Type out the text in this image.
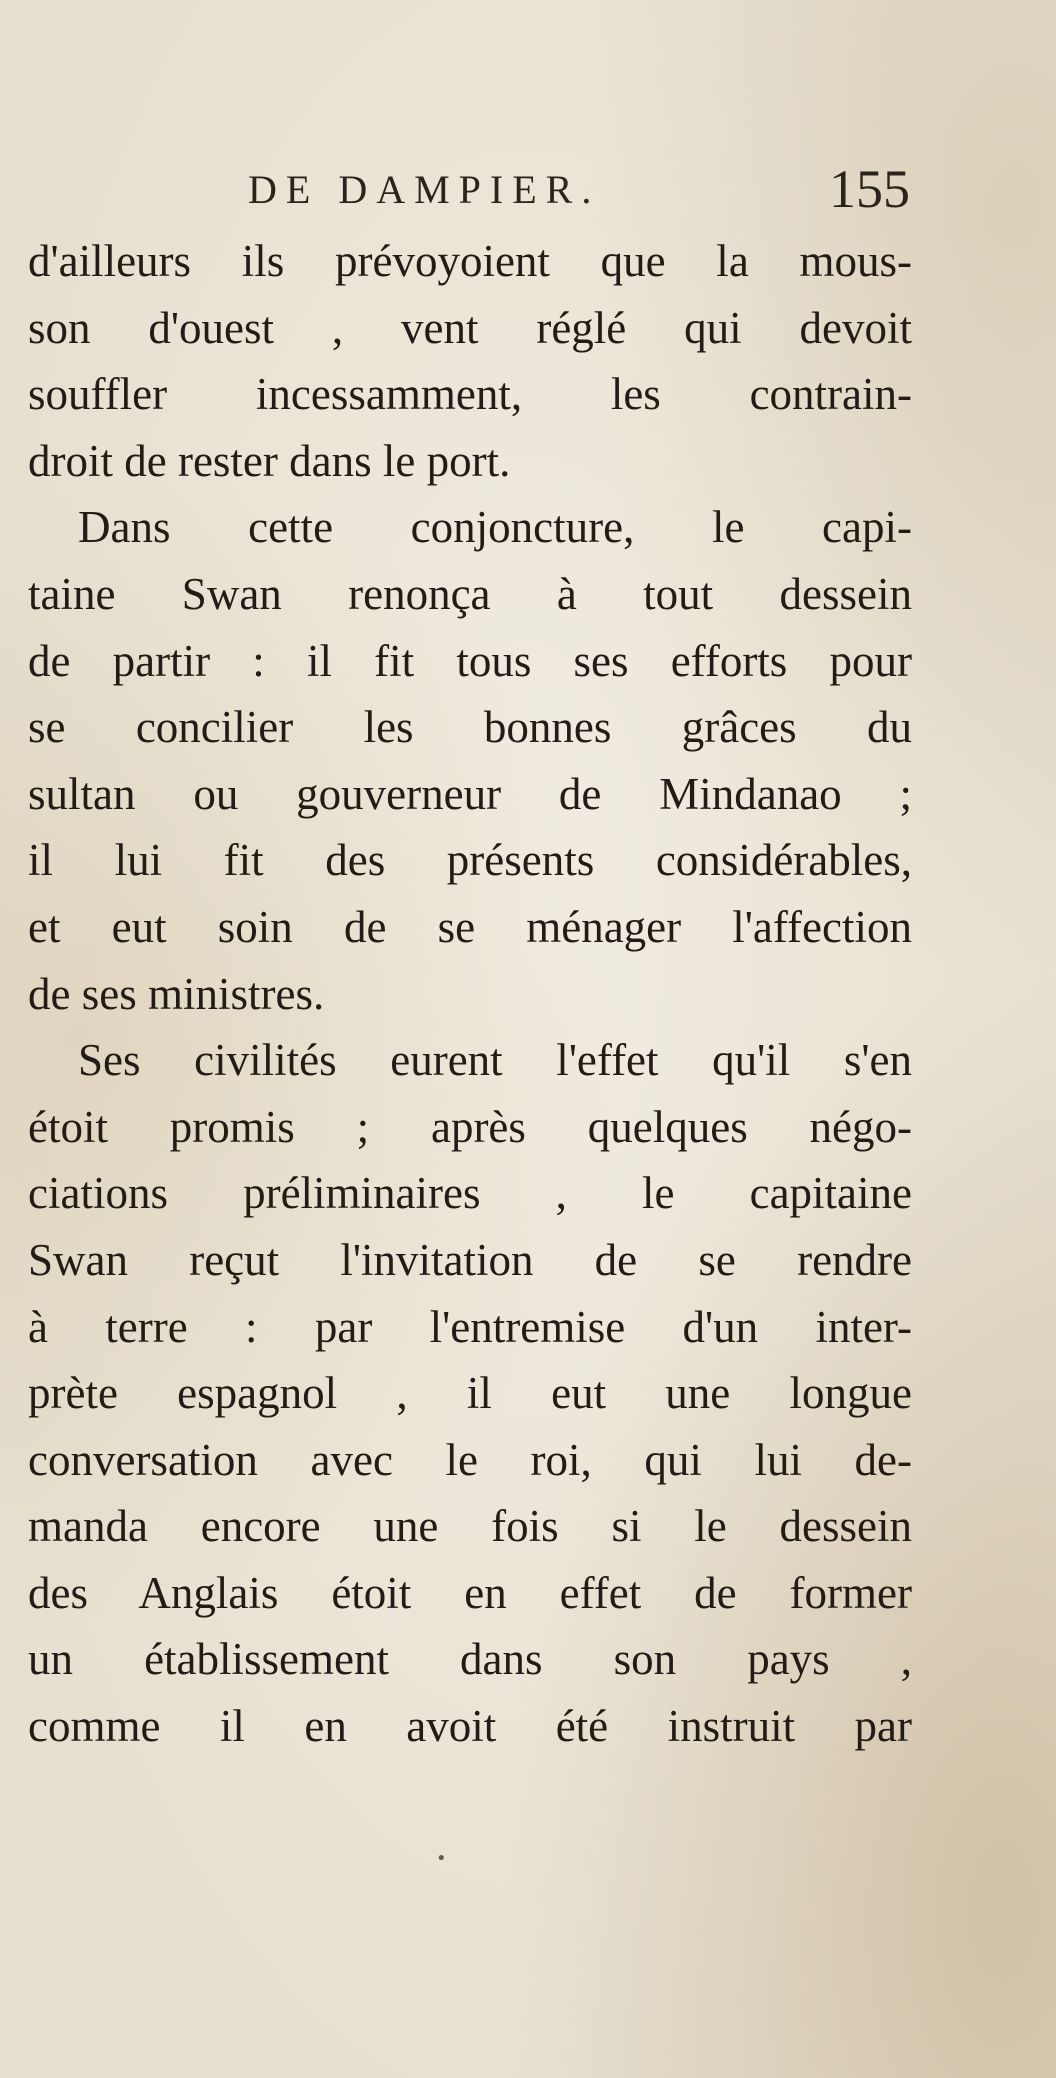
DE DAMPIER.	155
d'ailleurs ils prévoyoient que la mous-
son d'ouest , vent réglé qui devoit
souffler incessamment, les contrain-
droit de rester dans le port.
Dans cette conjoncture, le capi-
taine Swan renonça à tout dessein
de partir : il fit tous ses efforts pour
se concilier les bonnes grâces du
sultan ou gouverneur de Mindanao ;
il lui fit des présents considérables,
et eut soin de se ménager l'affection
de ses ministres.
Ses civilités eurent l'effet qu'il s'en
étoit promis ; après quelques négo-
ciations préliminaires , le capitaine
Swan reçut l'invitation de se rendre
à terre : par l'entremise d'un inter-
prète espagnol , il eut une longue
conversation avec le roi, qui lui de-
manda encore une fois si le dessein
des Anglais étoit en effet de former
un établissement dans son pays ,
comme il en avoit été instruit par
•
